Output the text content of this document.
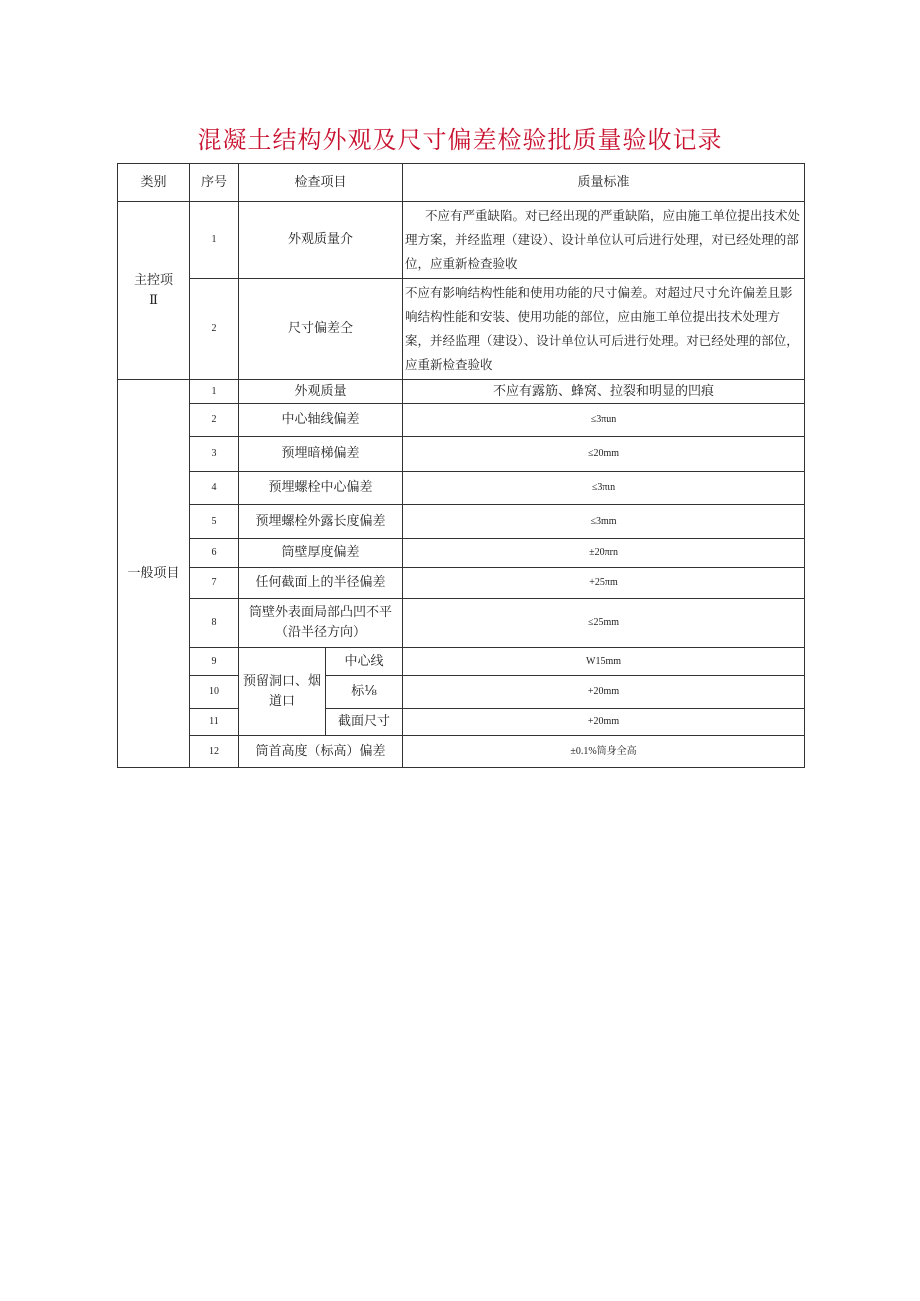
混凝土结构外观及尺寸偏差检验批质量验收记录
类别	序号	检查项目		质量标准

主控项
Ⅱ	1	外观质量介		不应有严重缺陷。对已经出现的严重缺陷，应由施工单位提出技术处理方案，并经监理（建设）、设计单位认可后进行处理，对已经处理的部位，应重新检查验收
	2	尺寸偏差仝		不应有影响结构性能和使用功能的尺寸偏差。对超过尺寸允许偏差且影响结构性能和安装、使用功能的部位，应由施工单位提出技术处理方案，并经监理（建设）、设计单位认可后进行处理。对已经处理的部位，应重新检查验收
一般项目	1	外观质量		不应有露筋、蜂窝、拉裂和明显的凹痕
	2	中心轴线偏差		≤3πun
	3	预埋暗梯偏差		≤20mm
	4	预埋螺栓中心偏差		≤3πιn
	5	预埋螺栓外露长度偏差		≤3mm
	6	筒壁厚度偏差		±20πrn
	7	任何截面上的半径偏差		+25πm
	8	筒壁外表面局部凸凹不平（沿半径方向）		≤25mm
	9	预留洞口、烟道口	中心线	W15mm
	10		标⅛	+20mm
	11		截面尺寸	+20mm
	12	筒首高度（标高）偏差		±0.1%筒身全高
